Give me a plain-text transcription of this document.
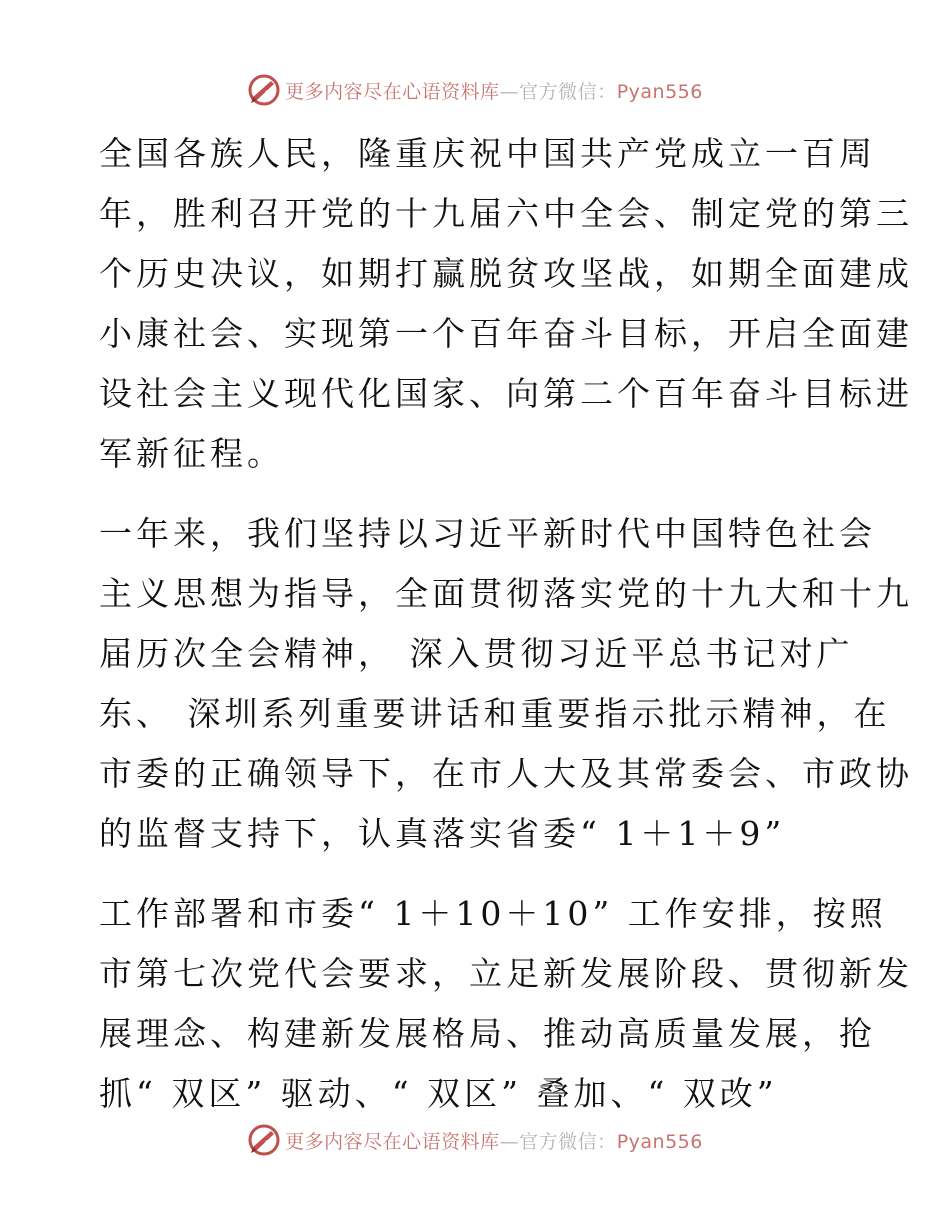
更多内容尽在心语资料库—官方微信：Pyan556
全国各族人民，隆重庆祝中国共产党成立一百周
年，胜利召开党的十九届六中全会、制定党的第三
个历史决议，如期打赢脱贫攻坚战，如期全面建成
小康社会、实现第一个百年奋斗目标，开启全面建
设社会主义现代化国家、向第二个百年奋斗目标进
军新征程。
一年来，我们坚持以习近平新时代中国特色社会
主义思想为指导，全面贯彻落实党的十九大和十九
届历次全会精神， 深入贯彻习近平总书记对广
东、 深圳系列重要讲话和重要指示批示精神，在
市委的正确领导下，在市人大及其常委会、市政协
的监督支持下，认真落实省委“ 1＋1＋9”
工作部署和市委“ 1＋10＋10” 工作安排，按照
市第七次党代会要求，立足新发展阶段、贯彻新发
展理念、构建新发展格局、推动高质量发展，抢
抓“ 双区” 驱动、“ 双区” 叠加、“ 双改”
更多内容尽在心语资料库—官方微信：Pyan556
